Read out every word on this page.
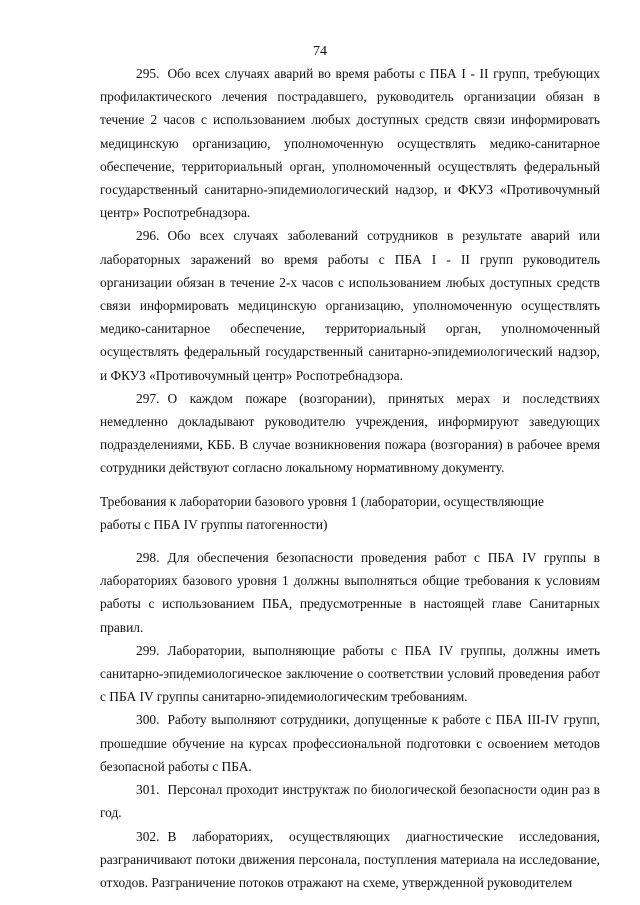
74

295. Обо всех случаях аварий во время работы с ПБА I - II групп, требующих профилактического лечения пострадавшего, руководитель организации обязан в течение 2 часов с использованием любых доступных средств связи информировать медицинскую организацию, уполномоченную осуществлять медико-санитарное обеспечение, территориальный орган, уполномоченный осуществлять федеральный государственный санитарно-эпидемиологический надзор, и ФКУЗ «Противочумный центр» Роспотребнадзора.

296. Обо всех случаях заболеваний сотрудников в результате аварий или лабораторных заражений во время работы с ПБА I - II групп руководитель организации обязан в течение 2-х часов с использованием любых доступных средств связи информировать медицинскую организацию, уполномоченную осуществлять медико-санитарное обеспечение, территориальный орган, уполномоченный осуществлять федеральный государственный санитарно-эпидемиологический надзор, и ФКУЗ «Противочумный центр» Роспотребнадзора.

297. О каждом пожаре (возгорании), принятых мерах и последствиях немедленно докладывают руководителю учреждения, информируют заведующих подразделениями, КББ. В случае возникновения пожара (возгорания) в рабочее время сотрудники действуют согласно локальному нормативному документу.

Требования к лаборатории базового уровня 1 (лаборатории, осуществляющие

работы с ПБА IV группы патогенности)

298. Для обеспечения безопасности проведения работ с ПБА IV группы в лабораториях базового уровня 1 должны выполняться общие требования к условиям работы с использованием ПБА, предусмотренные в настоящей главе Санитарных правил.

299. Лаборатории, выполняющие работы с ПБА IV группы, должны иметь санитарно-эпидемиологическое заключение о соответствии условий проведения работ с ПБА IV группы санитарно-эпидемиологическим требованиям.

300. Работу выполняют сотрудники, допущенные к работе с ПБА III-IV групп, прошедшие обучение на курсах профессиональной подготовки с освоением методов безопасной работы с ПБА.

301. Персонал проходит инструктаж по биологической безопасности один раз в год.

302. В лабораториях, осуществляющих диагностические исследования, разграничивают потоки движения персонала, поступления материала на исследование, отходов. Разграничение потоков отражают на схеме, утвержденной руководителем
